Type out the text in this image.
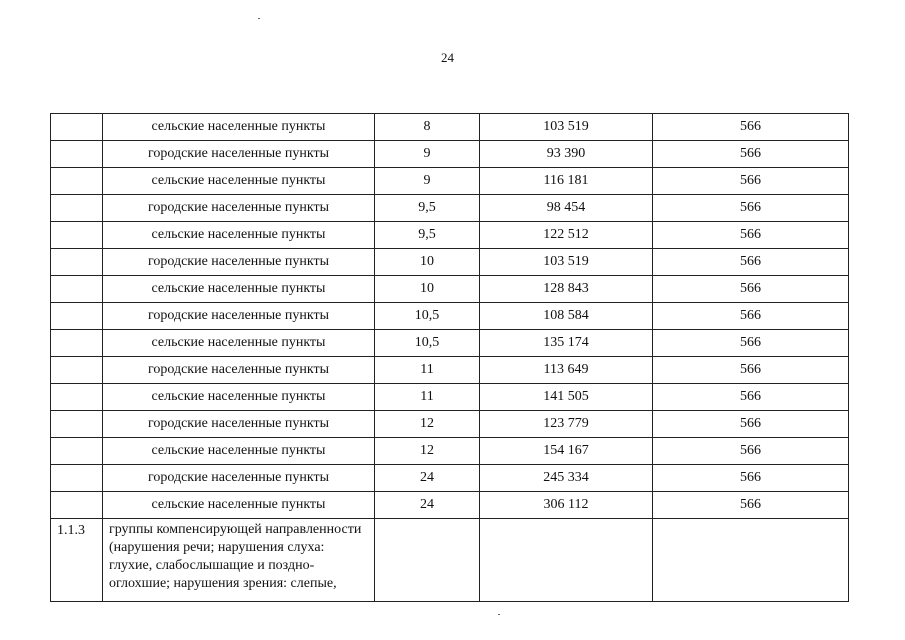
24
	сельские населенные пункты	8	103 519	566
	городские населенные пункты	9	93 390	566
	сельские населенные пункты	9	116 181	566
	городские населенные пункты	9,5	98 454	566
	сельские населенные пункты	9,5	122 512	566
	городские населенные пункты	10	103 519	566
	сельские населенные пункты	10	128 843	566
	городские населенные пункты	10,5	108 584	566
	сельские населенные пункты	10,5	135 174	566
	городские населенные пункты	11	113 649	566
	сельские населенные пункты	11	141 505	566
	городские населенные пункты	12	123 779	566
	сельские населенные пункты	12	154 167	566
	городские населенные пункты	24	245 334	566
	сельские населенные пункты	24	306 112	566
1.1.3	группы компенсирующей направленности (нарушения речи; нарушения слуха: глухие, слабослышащие и поздно-оглохшие; нарушения зрения: слепые,			
